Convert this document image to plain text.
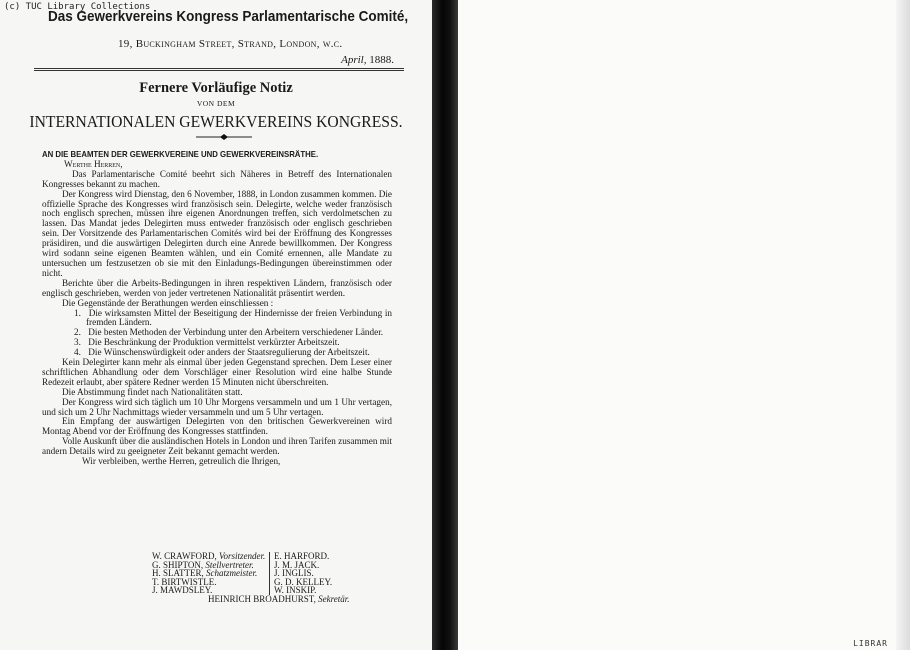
(c) TUC Library Collections
Das Gewerkvereins Kongress Parlamentarische Comité,
19, Buckingham Street, Strand, London, w.c.
April, 1888.
Fernere Vorläufige Notiz
VON DEM
INTERNATIONALEN GEWERKVEREINS KONGRESS.
AN DIE BEAMTEN DER GEWERKVEREINE UND GEWERKVEREINSRÄTHE.

Werthe Herren,

Das Parlamentarische Comité beehrt sich Näheres in Betreff des Internationalen Kongresses bekannt zu machen.

Der Kongress wird Dienstag, den 6 November, 1888, in London zusammen kommen. Die offizielle Sprache des Kongresses wird französisch sein. Delegirte, welche weder französisch noch englisch sprechen, müssen ihre eigenen Anordnungen treffen, sich verdolmetschen zu lassen. Das Mandat jedes Delegirten muss entweder französisch oder englisch geschrieben sein. Der Vorsitzende des Parlamentarischen Comités wird bei der Eröffnung des Kongresses präsidiren, und die auswärtigen Delegirten durch eine Anrede bewillkommen. Der Kongress wird sodann seine eigenen Beamten wählen, und ein Comité ernennen, alle Mandate zu untersuchen um festzusetzen ob sie mit den Einladungs-Bedingungen übereinstimmen oder nicht.

Berichte über die Arbeits-Bedingungen in ihren respektiven Ländern, französisch oder englisch geschrieben, werden von jeder vertretenen Nationalität präsentirt werden.

Die Gegenstände der Berathungen werden einschliessen :

1. Die wirksamsten Mittel der Beseitigung der Hindernisse der freien Verbindung in fremden Ländern.
2. Die besten Methoden der Verbindung unter den Arbeitern verschiedener Länder.
3. Die Beschränkung der Produktion vermittelst verkürzter Arbeitszeit.
4. Die Wünschenswürdigkeit oder anders der Staatsregulierung der Arbeitszeit.

Kein Delegirter kann mehr als einmal über jeden Gegenstand sprechen. Dem Leser einer schriftlichen Abhandlung oder dem Vorschläger einer Resolution wird eine halbe Stunde Redezeit erlaubt, aber spätere Redner werden 15 Minuten nicht überschreiten.

Die Abstimmung findet nach Nationalitäten statt.

Der Kongress wird sich täglich um 10 Uhr Morgens versammeln und um 1 Uhr vertagen, und sich um 2 Uhr Nachmittags wieder versammeln und um 5 Uhr vertagen.

Ein Empfang der auswärtigen Delegirten von den britischen Gewerkvereinen wird Montag Abend vor der Eröffnung des Kongresses stattfinden.

Volle Auskunft über die ausländischen Hotels in London und ihren Tarifen zusammen mit andern Details wird zu geeigneter Zeit bekannt gemacht werden.

Wir verbleiben, werthe Herren, getreulich die Ihrigen,

W. CRAWFORD, Vorsitzender.
G. SHIPTON, Stellvertreter.
H. SLATTER, Schatzmeister.
T. BIRTWISTLE.
J. MAWDSLEY.
E. HARFORD.
J. M. JACK.
J. INGLIS.
G. D. KELLEY.
W. INSKIP.
HEINRICH BROADHURST, Sekretär.
LIBRAR
